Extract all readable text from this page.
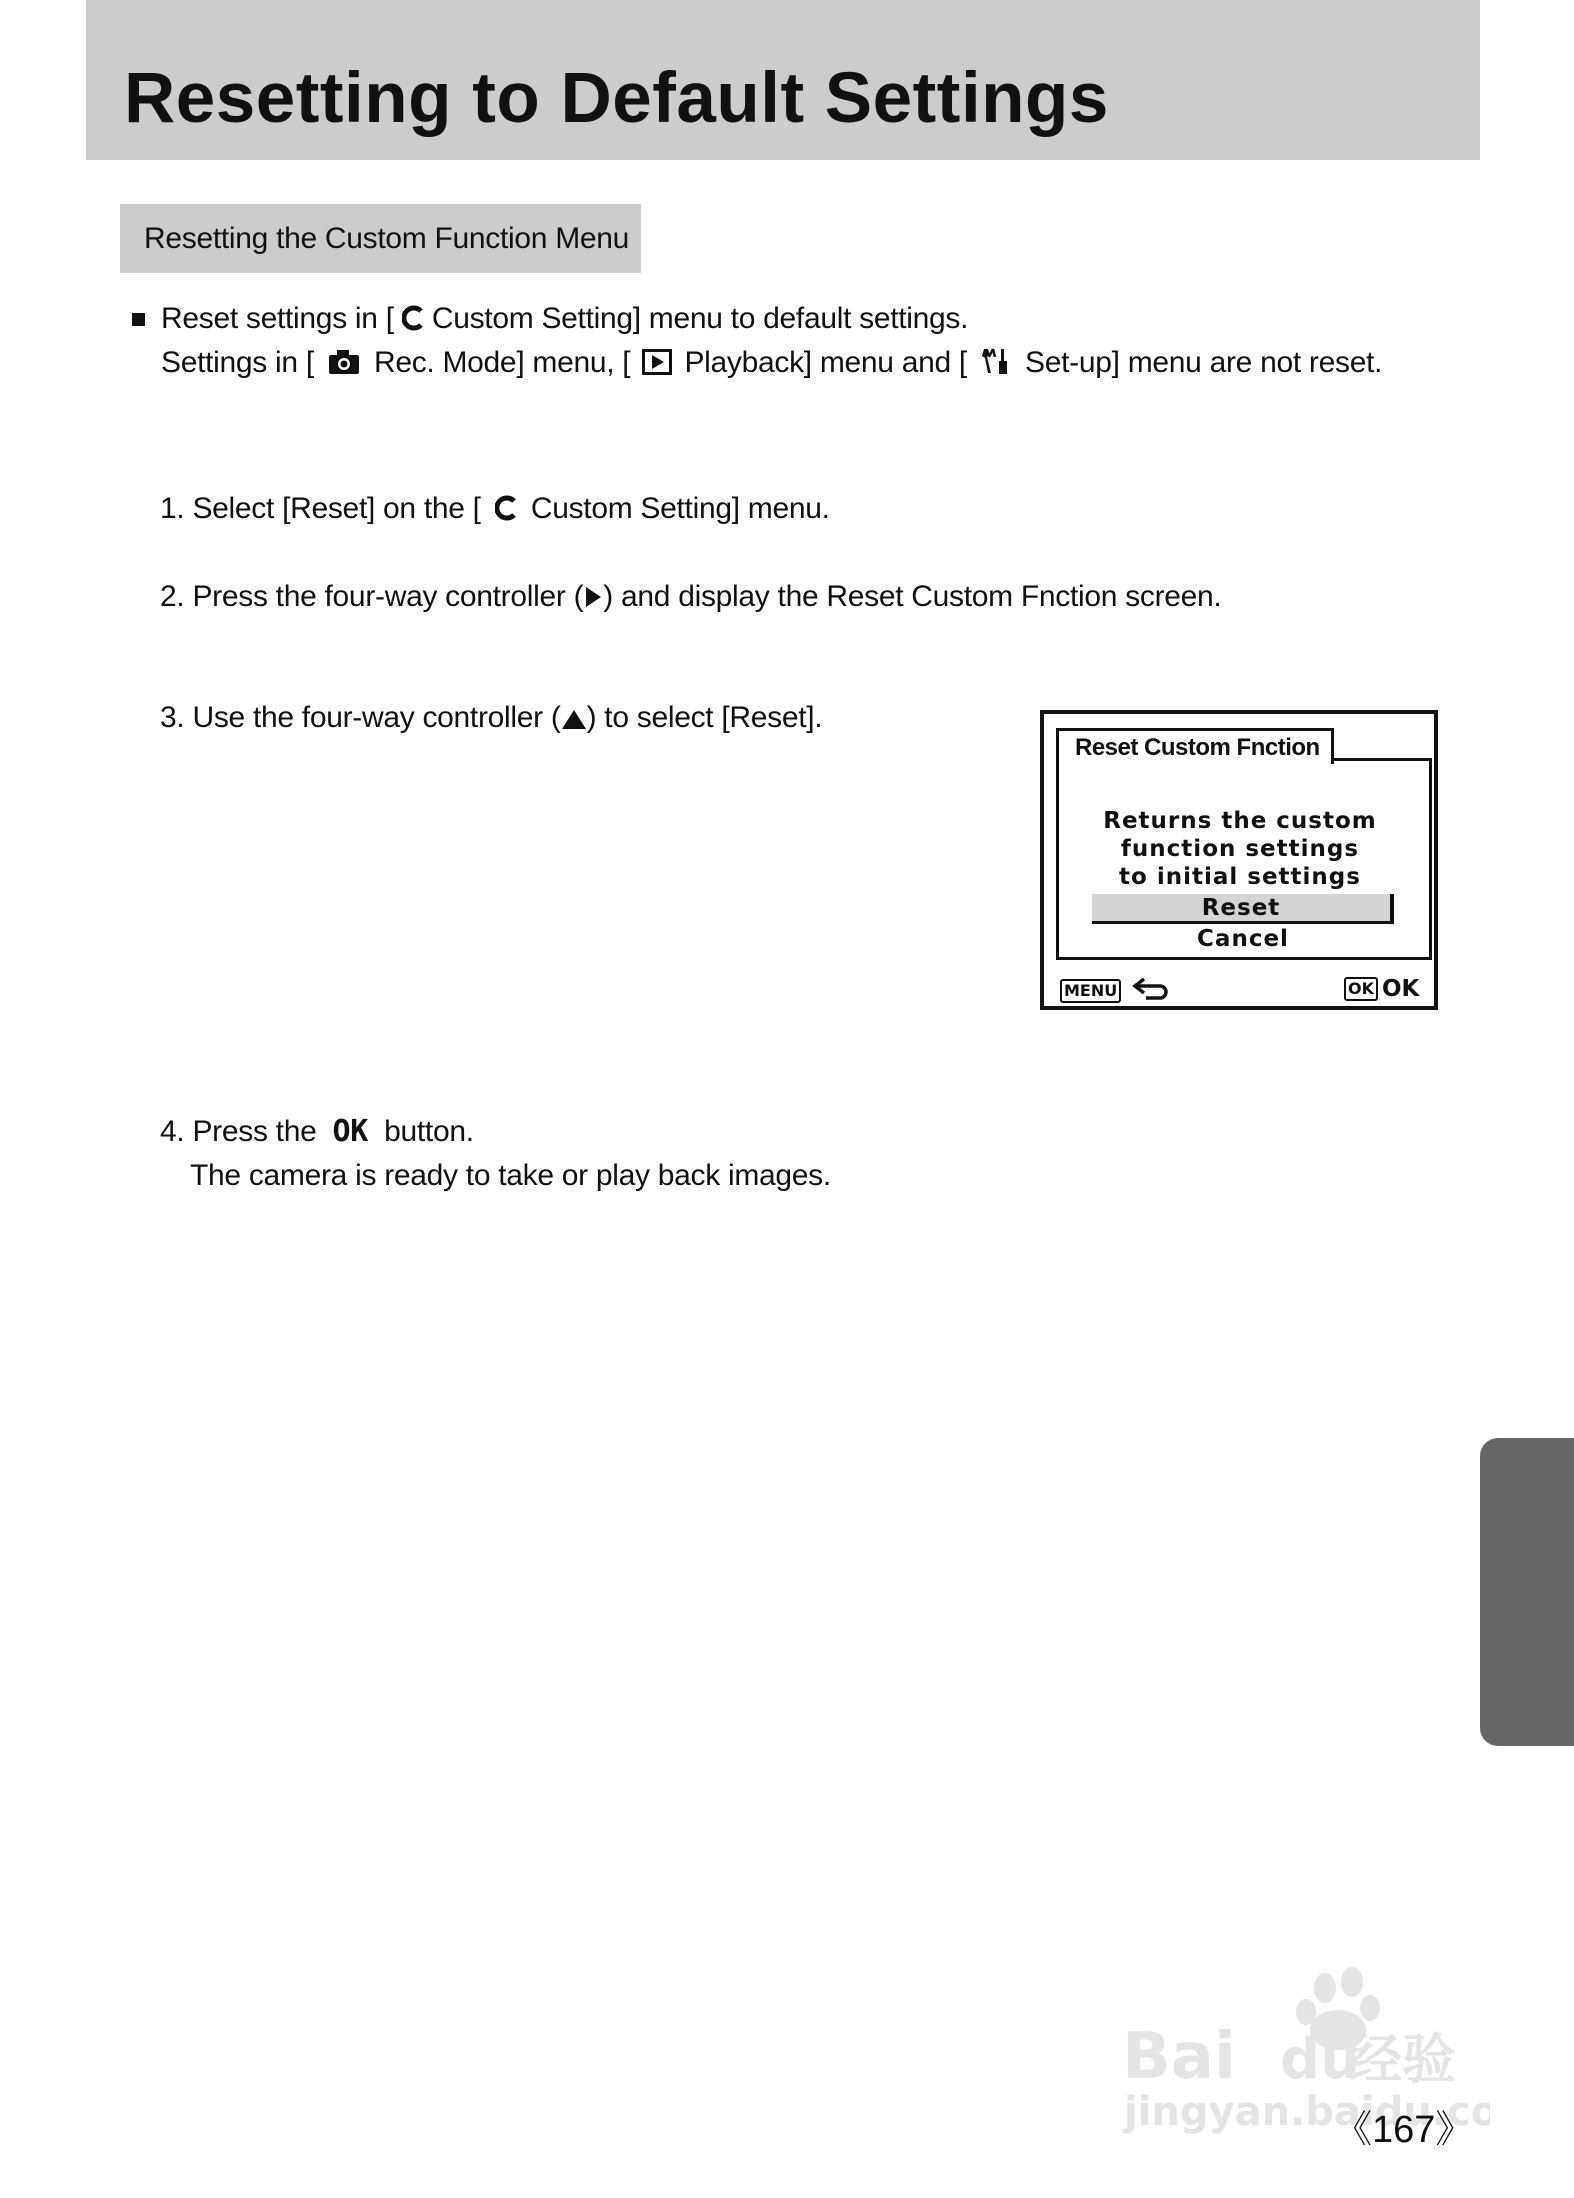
Resetting to Default Settings
Resetting the Custom Function Menu
Reset settings in [ Custom Setting] menu to default settings.
Settings in [ Rec. Mode] menu, [ Playback] menu and [ Set-up] menu are not reset.
1. Select [Reset] on the [ Custom Setting] menu.
2. Press the four-way controller ( ) and display the Reset Custom Fnction screen.
3. Use the four-way controller ( ) to select [Reset].
4. Press the OK button.
The camera is ready to take or play back images.
Reset Custom Fnction
Returns the custom
function settings
to initial settings
Reset
Cancel
MENU	OK OK
Bai du
经验
jingyan.baidu.co
《167》
